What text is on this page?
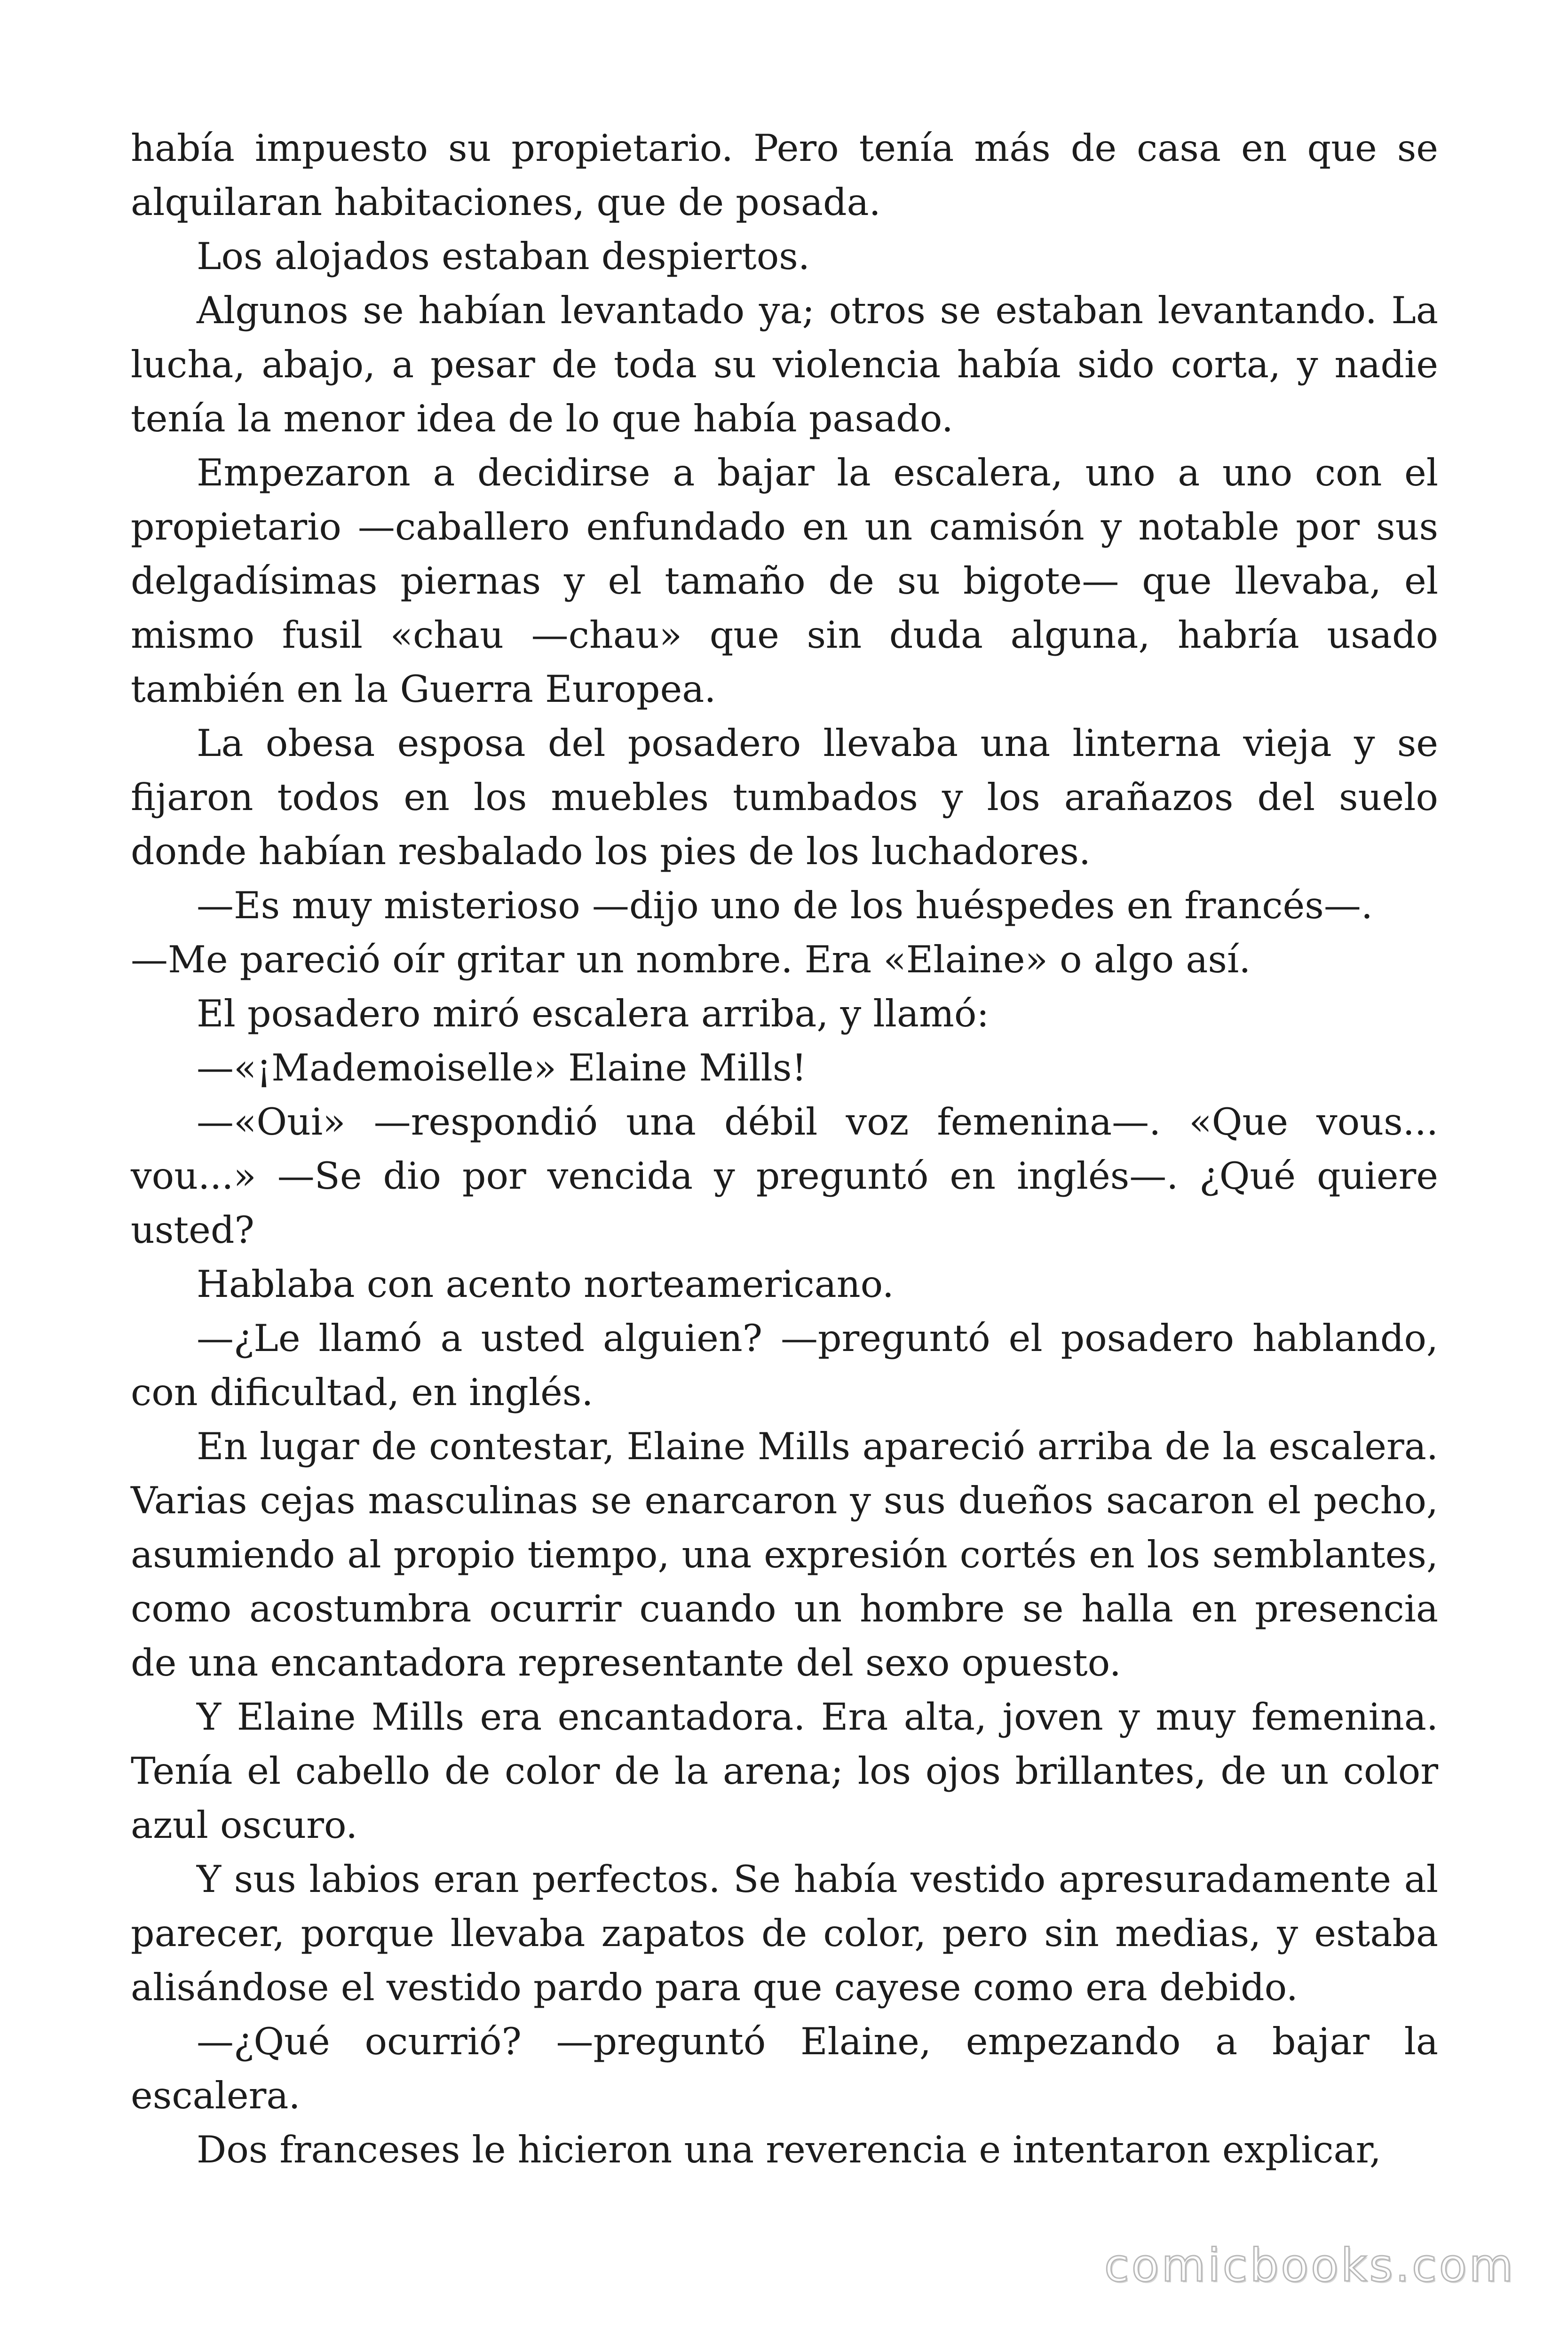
había impuesto su propietario. Pero tenía más de casa en que se alquilaran habitaciones, que de posada.

Los alojados estaban despiertos.

Algunos se habían levantado ya; otros se estaban levantando. La lucha, abajo, a pesar de toda su violencia había sido corta, y nadie tenía la menor idea de lo que había pasado.

Empezaron a decidirse a bajar la escalera, uno a uno con el propietario —caballero enfundado en un camisón y notable por sus delgadísimas piernas y el tamaño de su bigote— que llevaba, el mismo fusil «chau —chau» que sin duda alguna, habría usado también en la Guerra Europea.

La obesa esposa del posadero llevaba una linterna vieja y se fijaron todos en los muebles tumbados y los arañazos del suelo donde habían resbalado los pies de los luchadores.

—Es muy misterioso —dijo uno de los huéspedes en francés—.

—Me pareció oír gritar un nombre. Era «Elaine» o algo así.

El posadero miró escalera arriba, y llamó:

—«¡Mademoiselle» Elaine Mills!

—«Oui» —respondió una débil voz femenina—. «Que vous... vou...» —Se dio por vencida y preguntó en inglés—. ¿Qué quiere usted?

Hablaba con acento norteamericano.

—¿Le llamó a usted alguien? —preguntó el posadero hablando, con dificultad, en inglés.

En lugar de contestar, Elaine Mills apareció arriba de la escalera. Varias cejas masculinas se enarcaron y sus dueños sacaron el pecho, asumiendo al propio tiempo, una expresión cortés en los semblantes, como acostumbra ocurrir cuando un hombre se halla en presencia de una encantadora representante del sexo opuesto.

Y Elaine Mills era encantadora. Era alta, joven y muy femenina. Tenía el cabello de color de la arena; los ojos brillantes, de un color azul oscuro.

Y sus labios eran perfectos. Se había vestido apresuradamente al parecer, porque llevaba zapatos de color, pero sin medias, y estaba alisándose el vestido pardo para que cayese como era debido.

—¿Qué ocurrió? —preguntó Elaine, empezando a bajar la escalera.

Dos franceses le hicieron una reverencia e intentaron explicar,

comicbooks.com
